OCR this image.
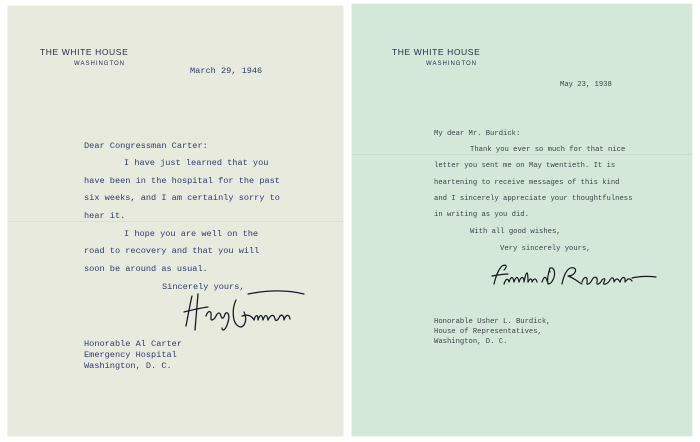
THE WHITE HOUSE
WASHINGTON
March 29, 1946
Dear Congressman Carter:
I have just learned that you
have been in the hospital for the past
six weeks, and I am certainly sorry to
hear it.
I hope you are well on the
road to recovery and that you will
soon be around as usual.
Sincerely yours,
Honorable Al Carter
Emergency Hospital
Washington, D. C.
THE WHITE HOUSE
WASHINGTON
May 23, 1938
My dear Mr. Burdick:
Thank you ever so much for that nice
letter you sent me on May twentieth. It is
heartening to receive messages of this kind
and I sincerely appreciate your thoughtfulness
in writing as you did.
With all good wishes,
Very sincerely yours,
Honorable Usher L. Burdick,
House of Representatives,
Washington, D. C.
